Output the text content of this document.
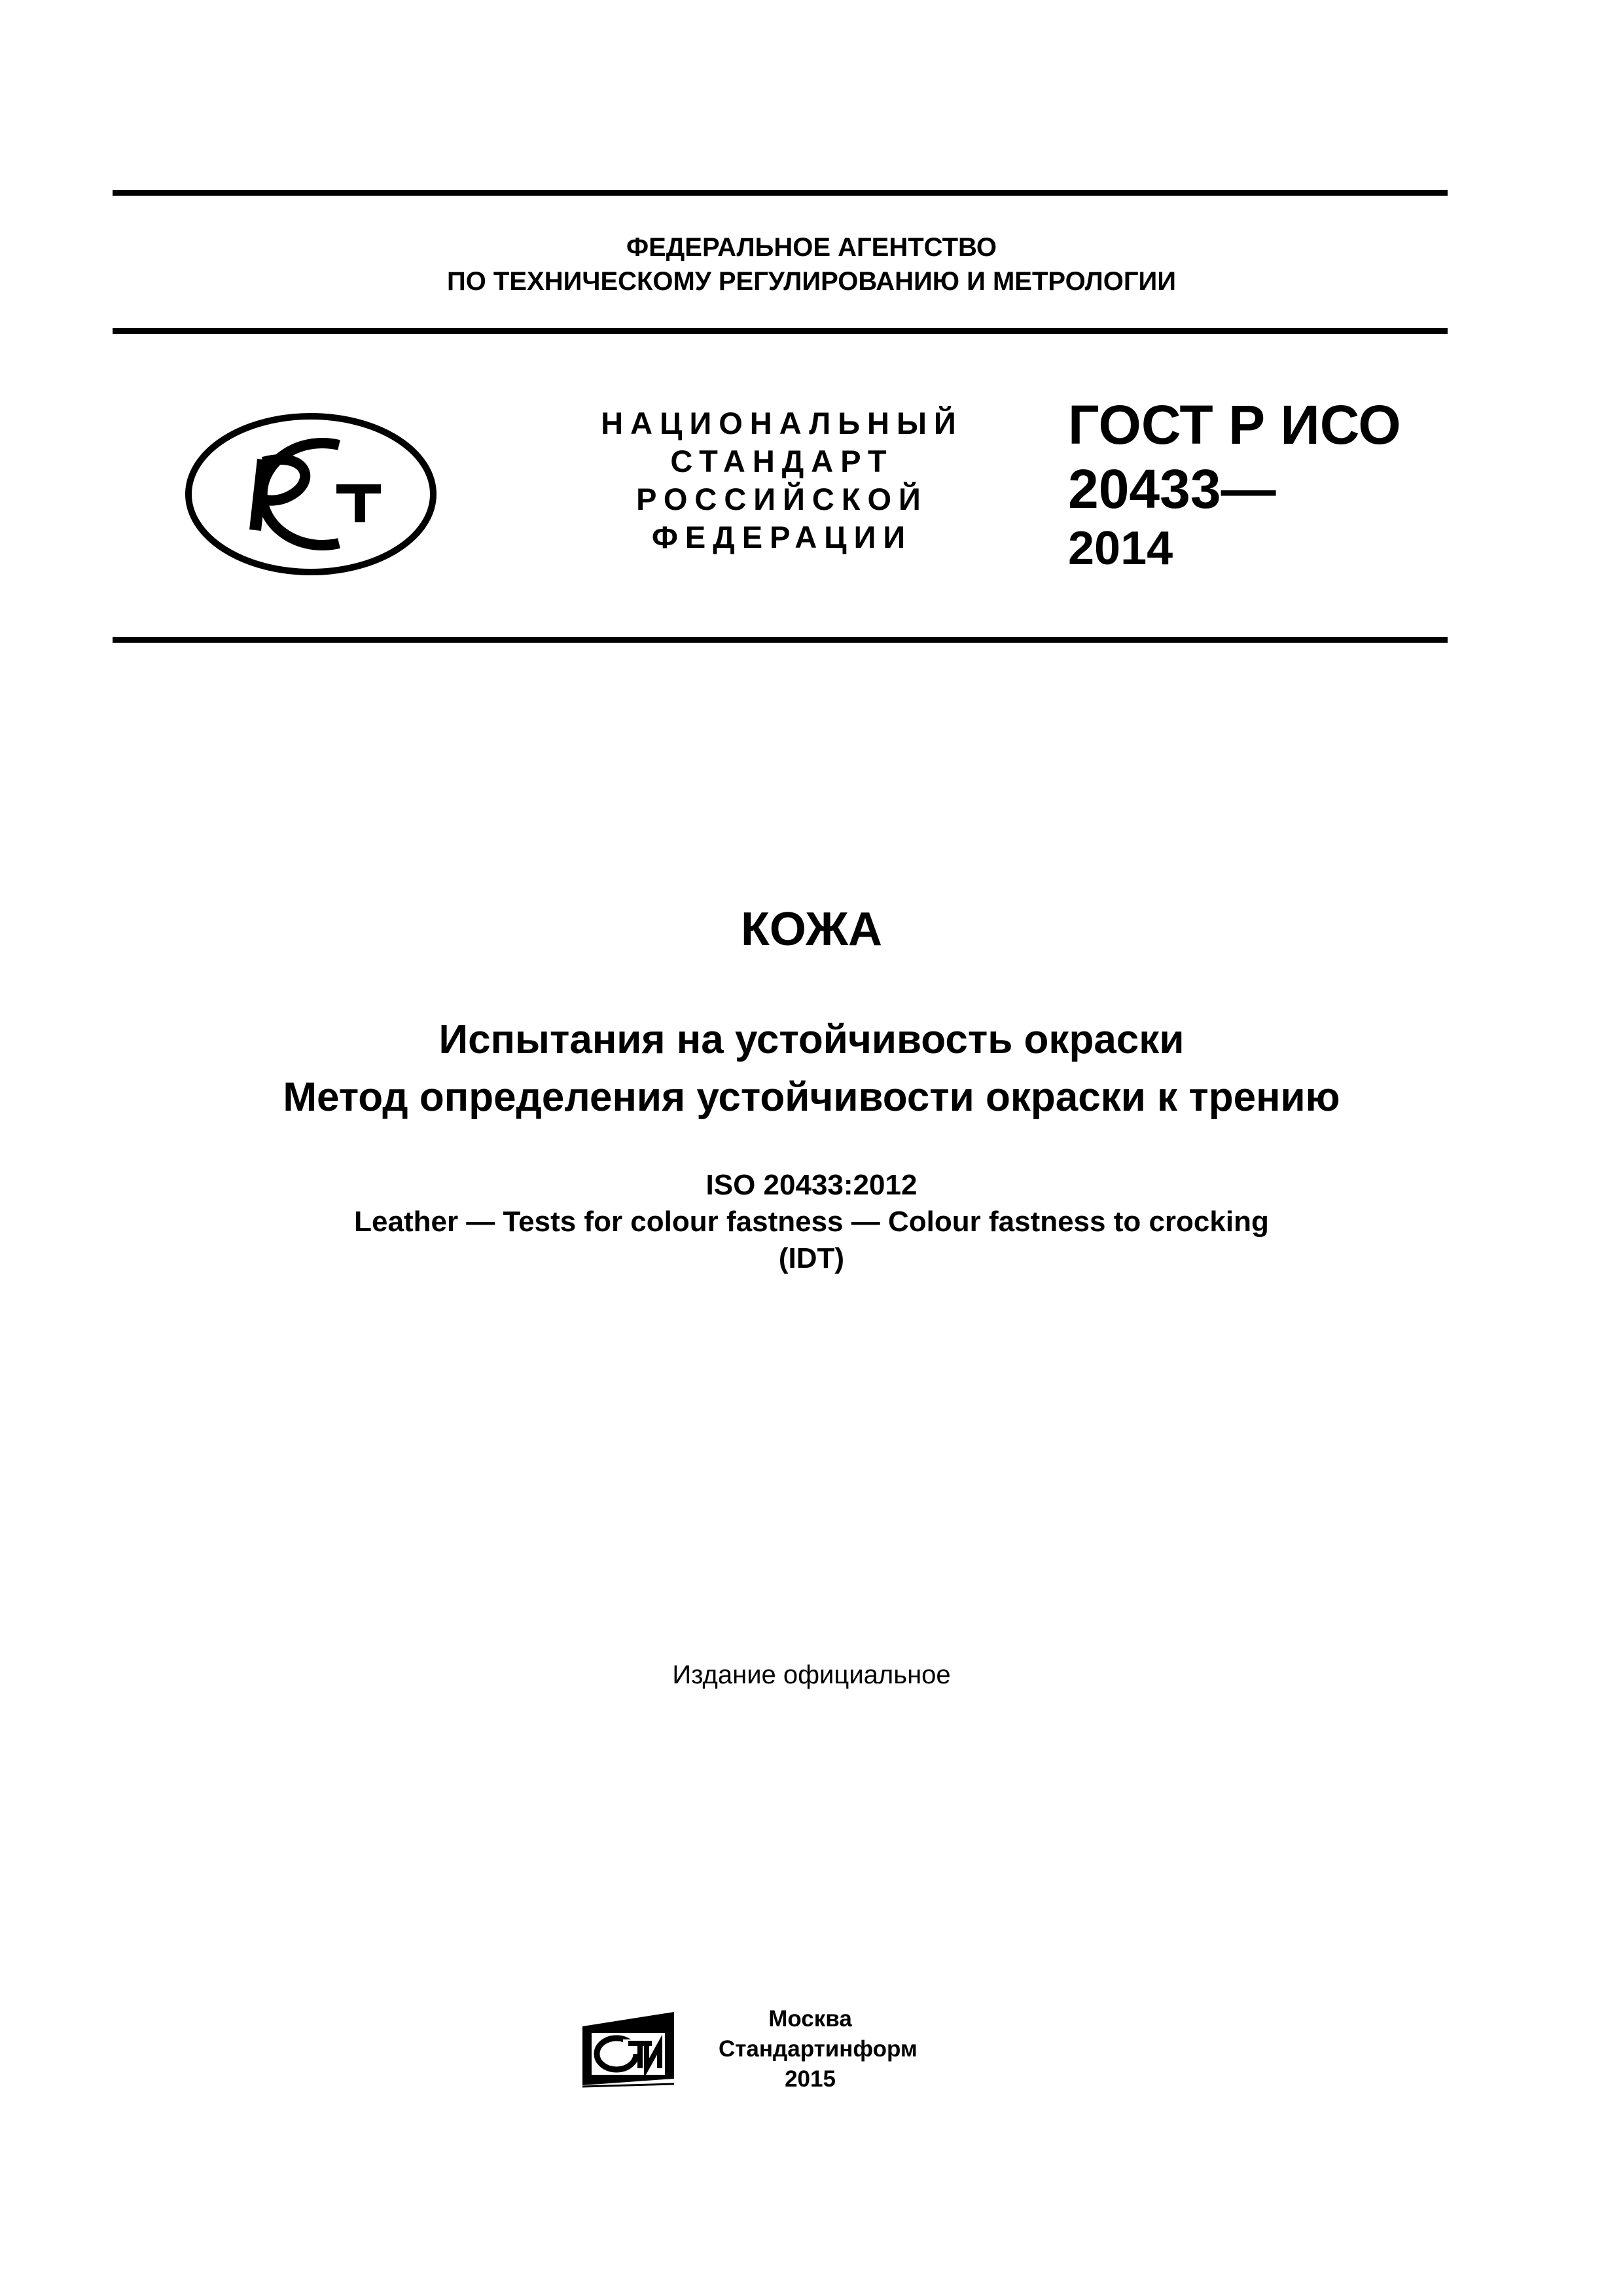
ФЕДЕРАЛЬНОЕ АГЕНТСТВО
ПО ТЕХНИЧЕСКОМУ РЕГУЛИРОВАНИЮ И МЕТРОЛОГИИ
НАЦИОНАЛЬНЫЙ
СТАНДАРТ
РОССИЙСКОЙ
ФЕДЕРАЦИИ
ГОСТ Р ИСО
20433—
2014
КОЖА
Испытания на устойчивость окраски
Метод определения устойчивости окраски к трению
ISO 20433:2012
Leather — Tests for colour fastness — Colour fastness to crocking
(IDT)
Издание официальное
Москва
Стандартинформ
2015
